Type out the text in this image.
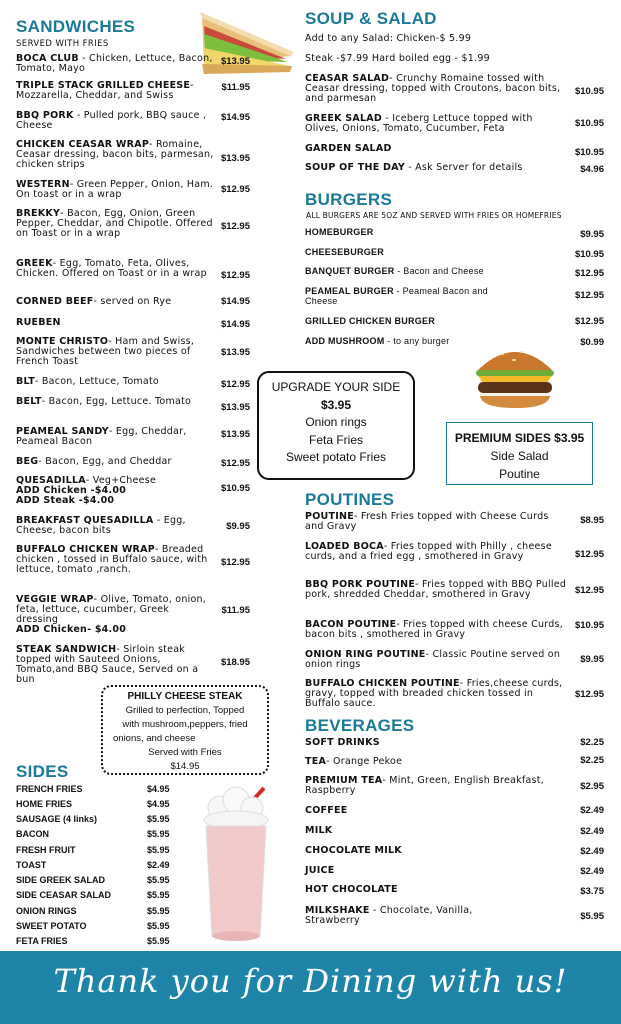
SANDWICHES
SERVED WITH FRIES
BOCA CLUB - Chicken, Lettuce, Bacon, Tomato, Mayo
$13.95
TRIPLE STACK GRILLED CHEESE- Mozzarella, Cheddar, and Swiss
$11.95
BBQ PORK - Pulled pork, BBQ sauce , Cheese
$14.95
CHICKEN CEASAR WRAP- Romaine, Ceasar dressing, bacon bits, parmesan, chicken strips
$13.95
WESTERN- Green Pepper, Onion, Ham. On toast or in a wrap	$12.95
BREKKY- Bacon, Egg, Onion, Green Pepper, Cheddar, and Chipotle. Offered on Toast or in a wrap
$12.95
GREEK- Egg, Tomato, Feta, Olives, Chicken. Offered on Toast or in a wrap	$12.95
CORNED BEEF- served on Rye	$14.95
RUEBEN	$14.95
MONTE CHRISTO- Ham and Swiss, Sandwiches between two pieces of French Toast
$13.95
BLT- Bacon, Lettuce, Tomato	$12.95
BELT- Bacon, Egg, Lettuce. Tomato
$13.95
PEAMEAL SANDY- Egg, Cheddar, Peameal Bacon
$13.95
BEG- Bacon, Egg, and Cheddar	$12.95
QUESADILLA- Veg+Cheese
ADD Chicken -$4.00
ADD Steak -$4.00
$10.95
BREAKFAST QUESADILLA - Egg, Cheese, bacon bits	$9.95
BUFFALO CHICKEN WRAP- Breaded chicken , tossed in Buffalo sauce, with lettuce, tomato ,ranch.
$12.95
VEGGIE WRAP- Olive, Tomato, onion, feta, lettuce, cucumber, Greek dressing
ADD Chicken- $4.00
$11.95
STEAK SANDWICH- Sirloin steak topped with Sauteed Onions, Tomato,and BBQ Sauce, Served on a bun
$18.95
PHILLY CHEESE STEAK
Grilled to perfection, Topped
with mushroom,peppers, fried
onions, and cheese
Served with Fries
$14.95
SIDES
FRENCH FRIES	$4.95
HOME FRIES	$4.95
SAUSAGE (4 links)	$5.95
BACON	$5.95
FRESH FRUIT	$5.95
TOAST	$2.49
SIDE GREEK SALAD	$5.95
SIDE CEASAR SALAD	$5.95
ONION RINGS	$5.95
SWEET POTATO	$5.95
FETA FRIES	$5.95
SOUP & SALAD
Add to any Salad: Chicken-$ 5.99
Steak -$7.99 Hard boiled egg - $1.99
CEASAR SALAD- Crunchy Romaine tossed with Ceasar dressing, topped with Croutons, bacon bits, and parmesan
$10.95
GREEK SALAD - Iceberg Lettuce topped with Olives, Onions, Tomato, Cucumber, Feta	$10.95
GARDEN SALAD	$10.95
SOUP OF THE DAY - Ask Server for details	$4.96
BURGERS
ALL BURGERS ARE 5OZ AND SERVED WITH FRIES OR HOMEFRIES
HOMEBURGER	$9.95
CHEESEBURGER	$10.95
BANQUET BURGER - Bacon and Cheese	$12.95
PEAMEAL BURGER - Peameal Bacon and Cheese	$12.95
GRILLED CHICKEN BURGER	$12.95
ADD MUSHROOM - to any burger	$0.99
UPGRADE YOUR SIDE
$3.95
Onion rings
Feta Fries
Sweet potato Fries
PREMIUM SIDES $3.95
Side Salad
Poutine
POUTINES
POUTINE- Fresh Fries topped with Cheese Curds and Gravy
$8.95
LOADED BOCA- Fries topped with Philly , cheese curds, and a fried egg , smothered in Gravy	$12.95
BBQ PORK POUTINE- Fries topped with BBQ Pulled pork, shredded Cheddar, smothered in Gravy	$12.95
BACON POUTINE- Fries topped with cheese Curds, bacon bits , smothered in Gravy
$10.95
ONION RING POUTINE- Classic Poutine served on onion rings	$9.95
BUFFALO CHICKEN POUTINE- Fries,cheese curds, gravy, topped with breaded chicken tossed in Buffalo sauce.
$12.95
BEVERAGES
SOFT DRINKS	$2.25
TEA- Orange Pekoe	$2.25
PREMIUM TEA- Mint, Green, English Breakfast, Raspberry	$2.95
COFFEE	$2.49
MILK	$2.49
CHOCOLATE MILK	$2.49
JUICE	$2.49
HOT CHOCOLATE	$3.75
MILKSHAKE - Chocolate, Vanilla, Strawberry	$5.95
Thank you for Dining with us!
